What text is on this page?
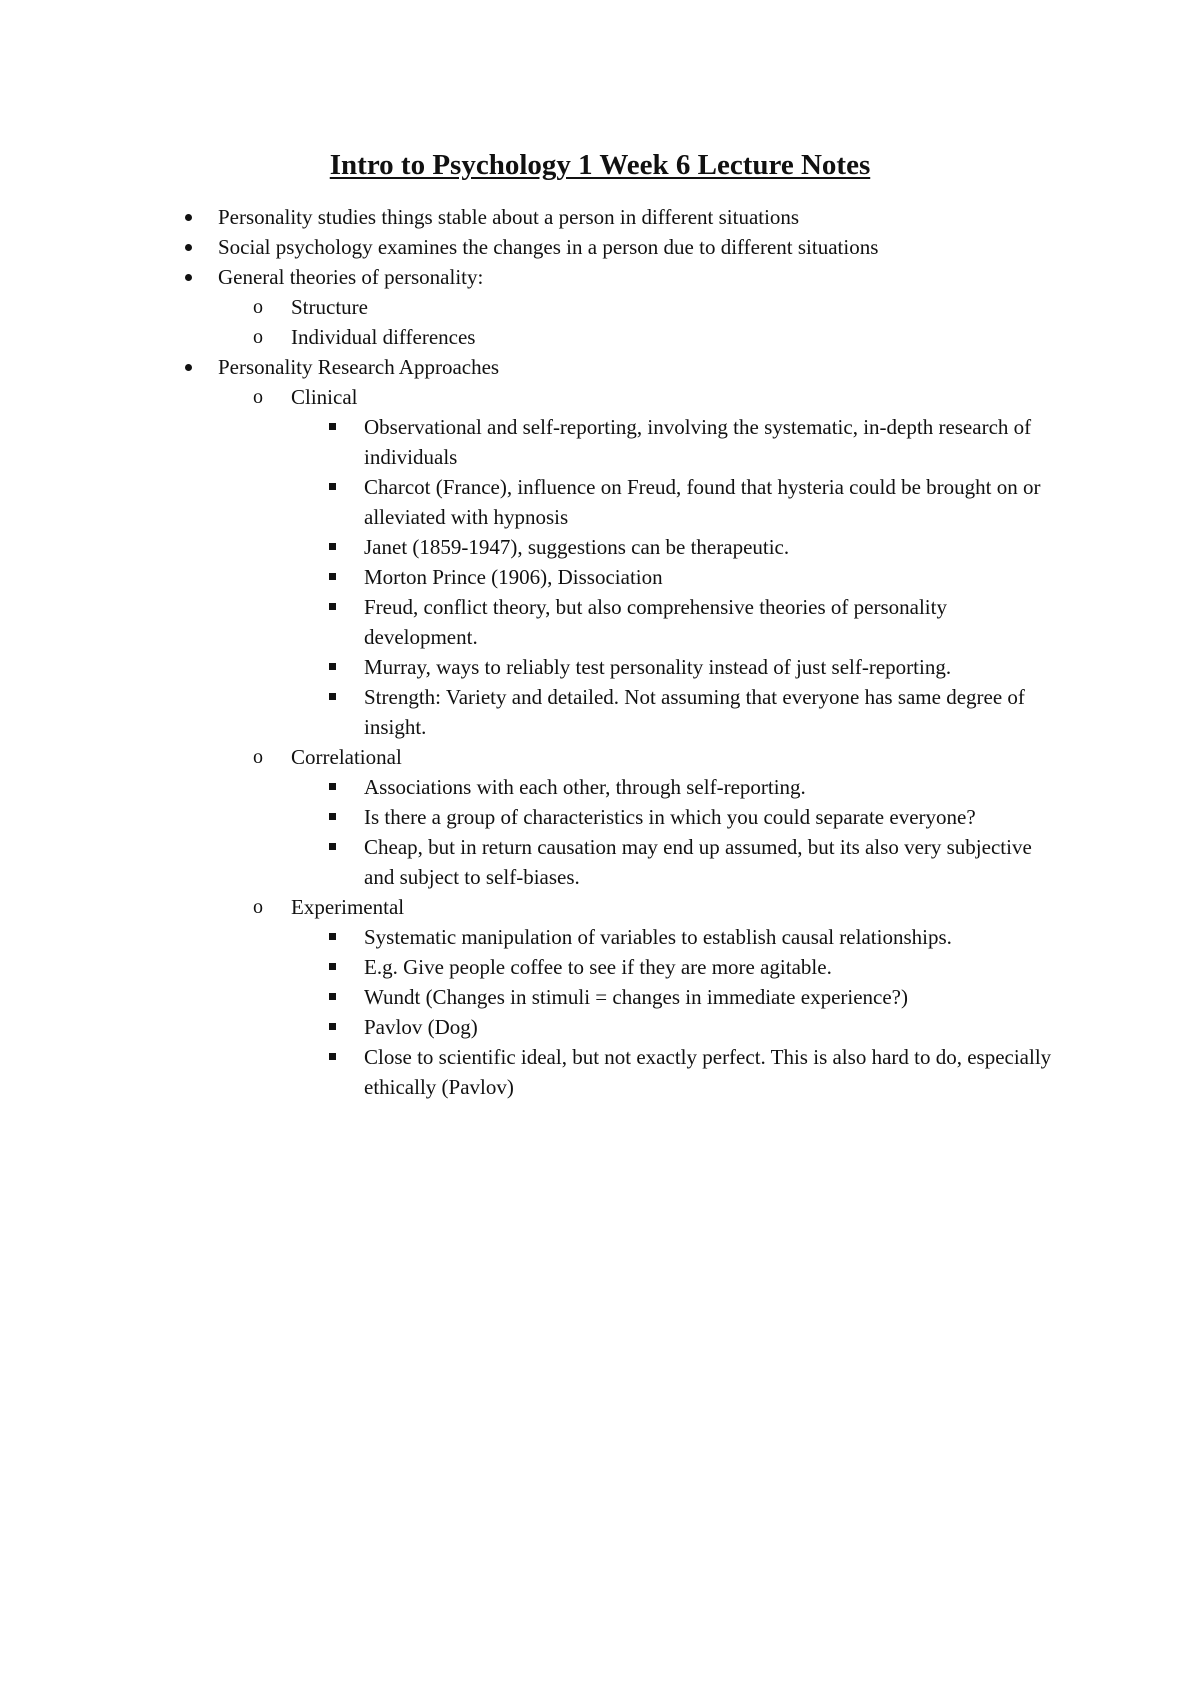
Intro to Psychology 1 Week 6 Lecture Notes
Personality studies things stable about a person in different situations
Social psychology examines the changes in a person due to different situations
General theories of personality:
o Structure
o Individual differences
Personality Research Approaches
o Clinical
Observational and self-reporting, involving the systematic, in-depth research of individuals
Charcot (France), influence on Freud, found that hysteria could be brought on or alleviated with hypnosis
Janet (1859-1947), suggestions can be therapeutic.
Morton Prince (1906), Dissociation
Freud, conflict theory, but also comprehensive theories of personality development.
Murray, ways to reliably test personality instead of just self-reporting.
Strength: Variety and detailed. Not assuming that everyone has same degree of insight.
o Correlational
Associations with each other, through self-reporting.
Is there a group of characteristics in which you could separate everyone?
Cheap, but in return causation may end up assumed, but its also very subjective and subject to self-biases.
o Experimental
Systematic manipulation of variables to establish causal relationships.
E.g. Give people coffee to see if they are more agitable.
Wundt (Changes in stimuli = changes in immediate experience?)
Pavlov (Dog)
Close to scientific ideal, but not exactly perfect. This is also hard to do, especially ethically (Pavlov)
